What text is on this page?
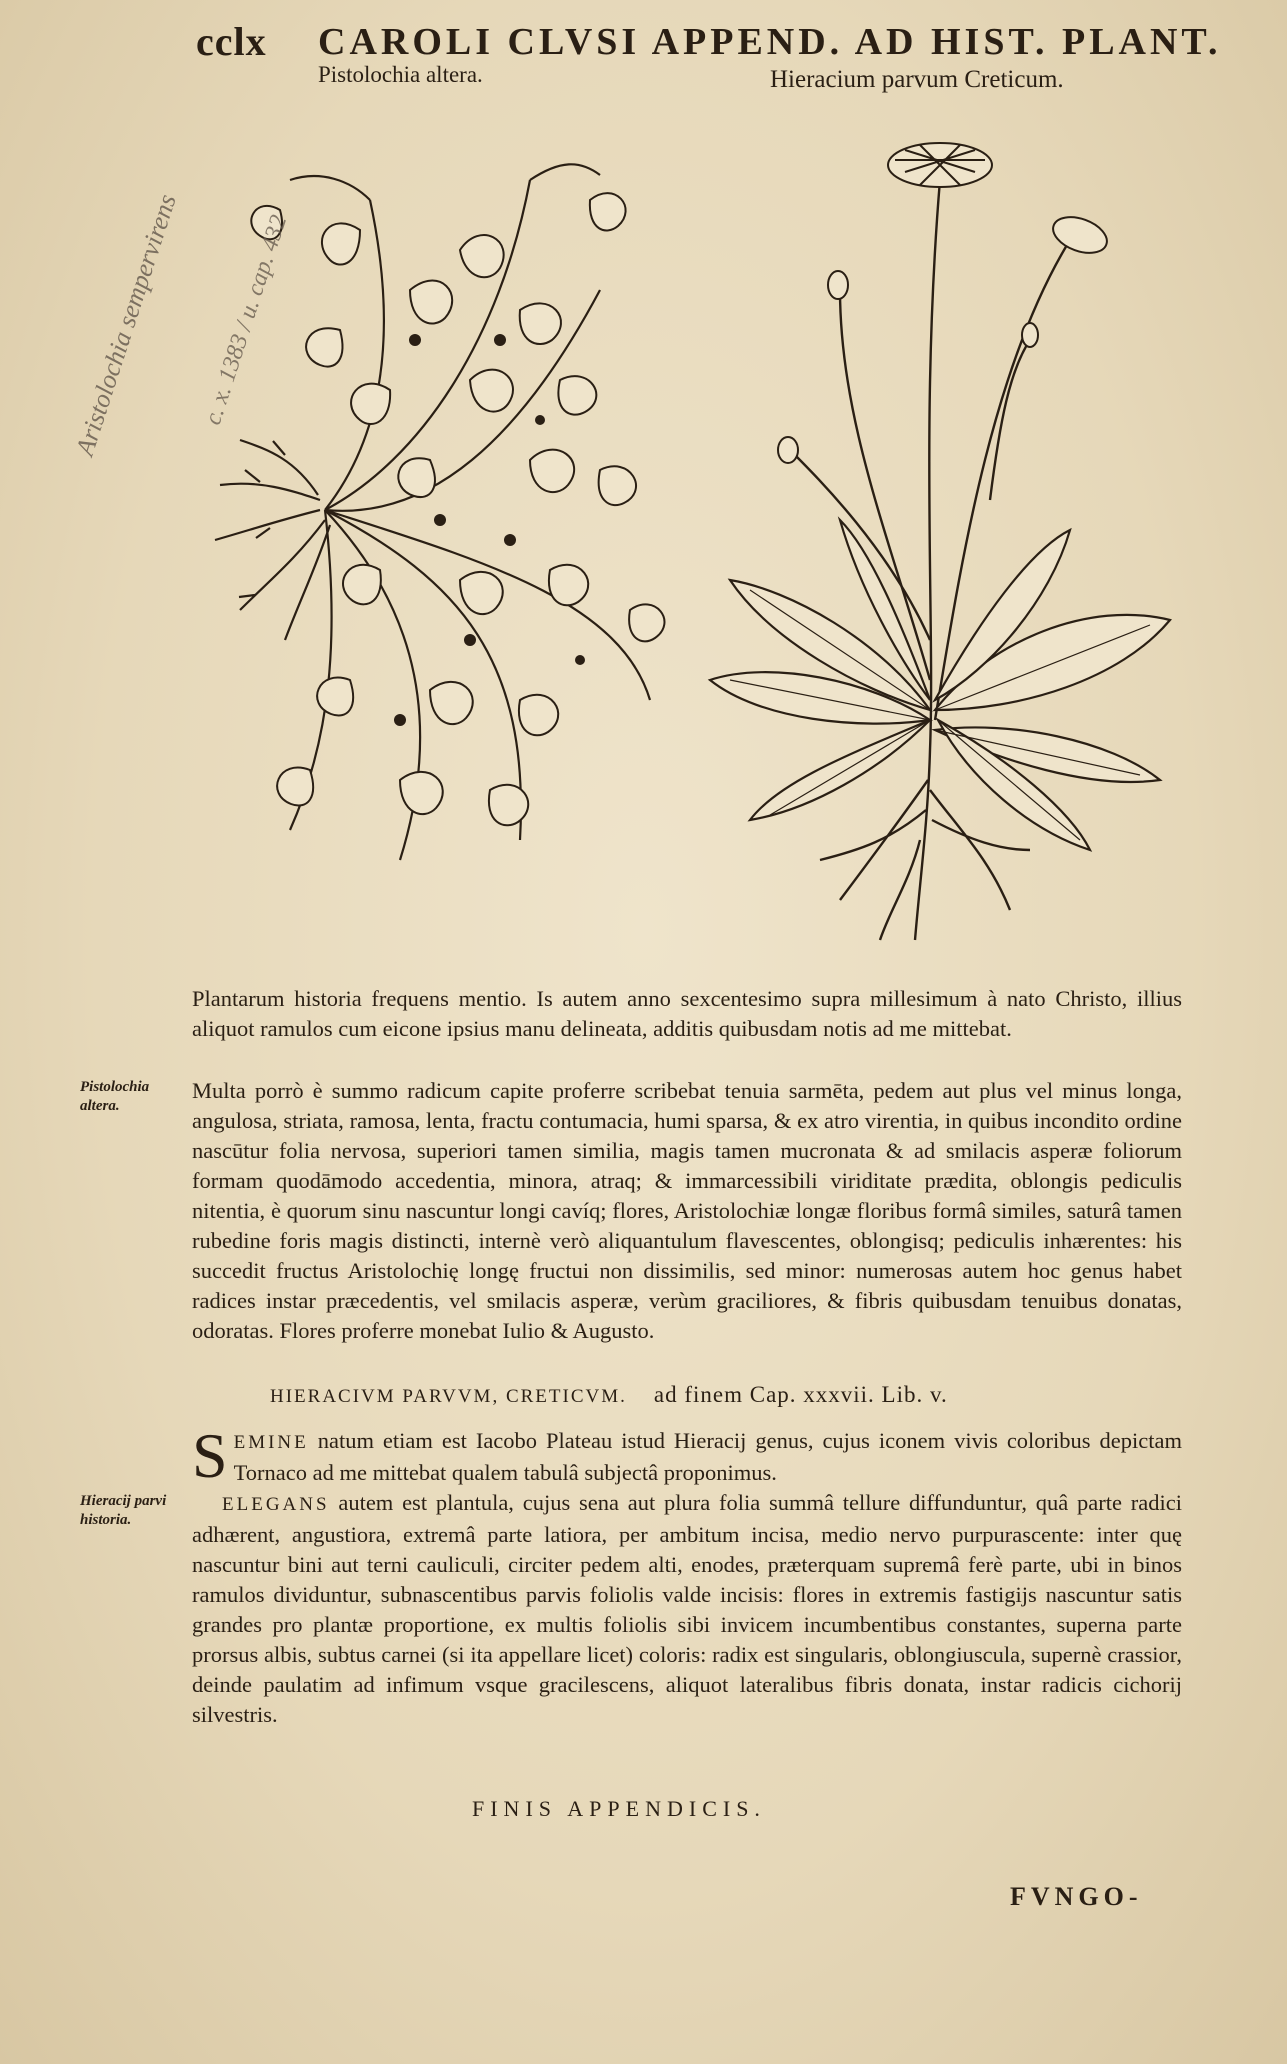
cclx CAROLI CLVSI APPEND. AD HIST. PLANT.
Pistolochia altera.	Hieracium parvum Creticum.
Aristolochia sempervirens c. x. 1383 / u. cap. 432

Plantarum historia frequens mentio. Is autem anno sexcentesimo supra millesimum à nato Christo, illius aliquot ramulos cum eicone ipsius manu delineata, additis quibusdam notis ad me mittebat.

Pistolochia altera.

Multa porrò è summo radicum capite proferre scribebat tenuia sarmēta, pedem aut plus vel minus longa, angulosa, striata, ramosa, lenta, fractu contumacia, humi sparsa, & ex atro virentia, in quibus incondito ordine nascūtur folia nervosa, superiori tamen similia, magis tamen mucronata & ad smilacis asperæ foliorum formam quodāmodo accedentia, minora, atraq; & immarcessibili viriditate prædita, oblongis pediculis nitentia, è quorum sinu nascuntur longi cavíq; flores, Aristolochiæ longæ floribus formâ similes, saturâ tamen rubedine foris magis distincti, internè verò aliquantulum flavescentes, oblongisq; pediculis inhærentes: his succedit fructus Aristolochię longę fructui non dissimilis, sed minor: numerosas autem hoc genus habet radices instar præcedentis, vel smilacis asperæ, verùm graciliores, & fibris quibusdam tenuibus donatas, odoratas. Flores proferre monebat Iulio & Augusto.

HIERACIVM PARVVM, CRETICVM. ad finem Cap. xxxvii. Lib. v.

SEMINE natum etiam est Iacobo Plateau istud Hieracij genus, cujus iconem vivis coloribus depictam Tornaco ad me mittebat qualem tabulâ subjectâ proponimus.

Hieracij parvi historia.

ELEGANS autem est plantula, cujus sena aut plura folia summâ tellure diffunduntur, quâ parte radici adhærent, angustiora, extremâ parte latiora, per ambitum incisa, medio nervo purpurascente: inter quę nascuntur bini aut terni cauliculi, circiter pedem alti, enodes, præterquam supremâ ferè parte, ubi in binos ramulos dividuntur, subnascentibus parvis foliolis valde incisis: flores in extremis fastigijs nascuntur satis grandes pro plantæ proportione, ex multis foliolis sibi invicem incumbentibus constantes, superna parte prorsus albis, subtus carnei (si ita appellare licet) coloris: radix est singularis, oblongiuscula, supernè crassior, deinde paulatim ad infimum vsque gracilescens, aliquot lateralibus fibris donata, instar radicis cichorij silvestris.

FINIS APPENDICIS.
FVNGO-
